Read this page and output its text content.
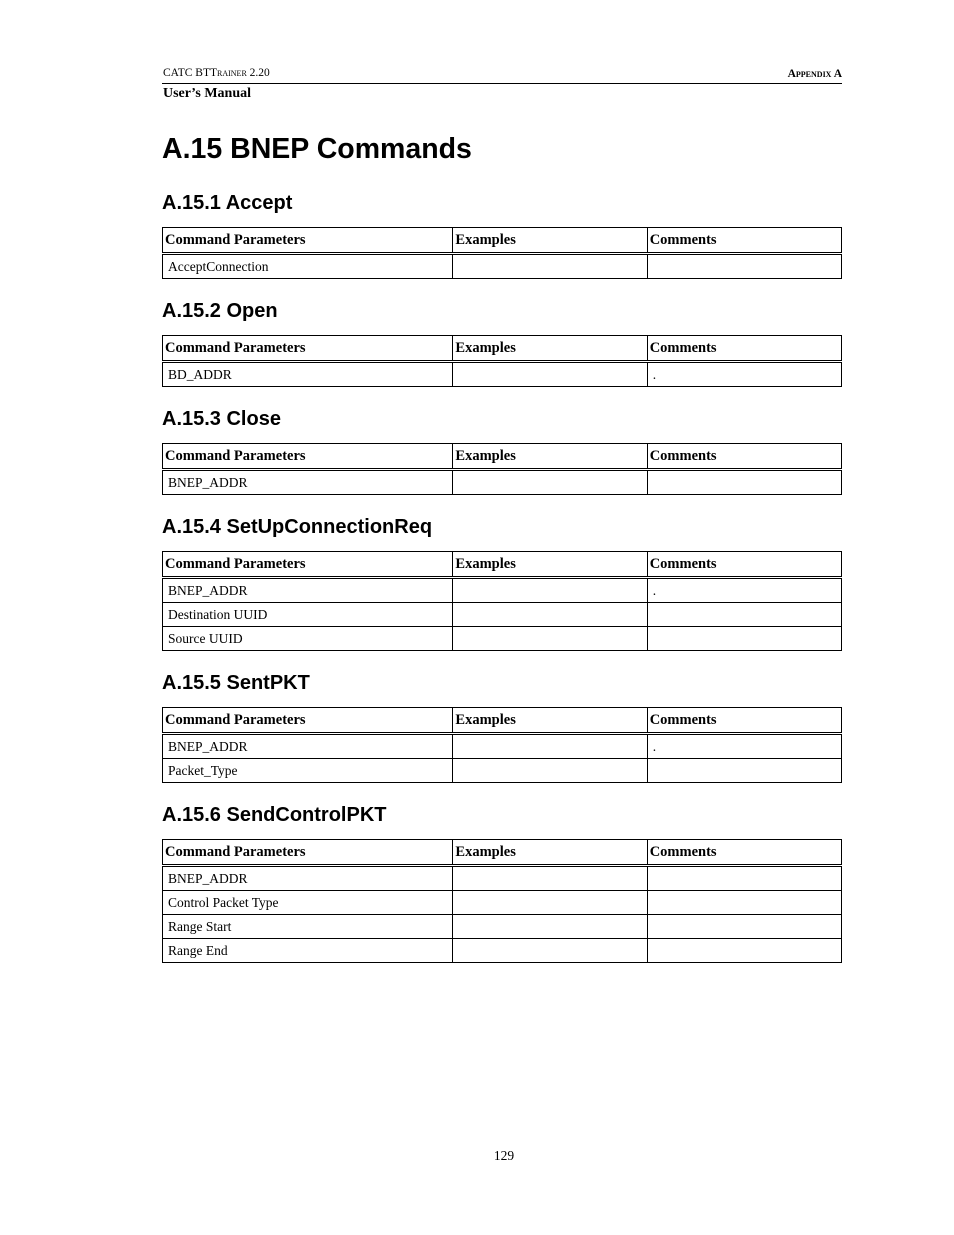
CATC BTTrainer 2.20	Appendix A
User’s Manual
A.15 BNEP Commands
A.15.1 Accept
Command Parameters	Examples	Comments
AcceptConnection		
A.15.2 Open
Command Parameters	Examples	Comments
BD_ADDR		.
A.15.3 Close
Command Parameters	Examples	Comments
BNEP_ADDR		
A.15.4 SetUpConnectionReq
Command Parameters	Examples	Comments
BNEP_ADDR		.
Destination UUID		
Source UUID		
A.15.5 SentPKT
Command Parameters	Examples	Comments
BNEP_ADDR		.
Packet_Type		
A.15.6 SendControlPKT
Command Parameters	Examples	Comments
BNEP_ADDR		
Control Packet Type		
Range Start		
Range End		
129
